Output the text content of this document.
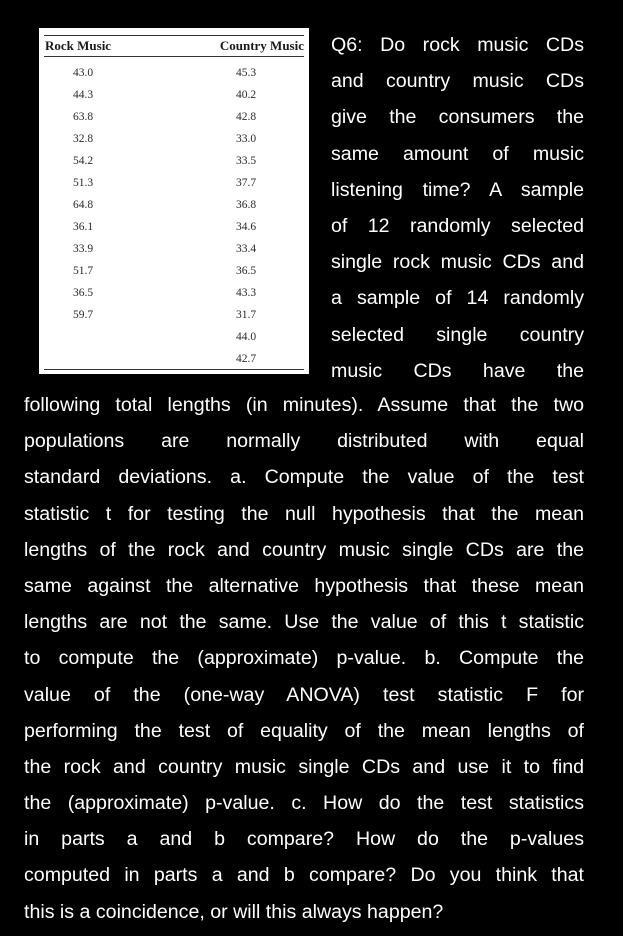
Rock Music	Country Music
43.0
44.3
63.8
32.8
54.2
51.3
64.8
36.1
33.9
51.7
36.5
59.7
45.3
40.2
42.8
33.0
33.5
37.7
36.8
34.6
33.4
36.5
43.3
31.7
44.0
42.7
Q6: Do rock music CDs
and country music CDs
give the consumers the
same amount of music
listening time? A sample
of 12 randomly selected
single rock music CDs and
a sample of 14 randomly
selected single country
music CDs have the
following total lengths (in minutes). Assume that the two
populations are normally distributed with equal
standard deviations. a. Compute the value of the test
statistic t for testing the null hypothesis that the mean
lengths of the rock and country music single CDs are the
same against the alternative hypothesis that these mean
lengths are not the same. Use the value of this t statistic
to compute the (approximate) p-value. b. Compute the
value of the (one-way ANOVA) test statistic F for
performing the test of equality of the mean lengths of
the rock and country music single CDs and use it to find
the (approximate) p-value. c. How do the test statistics
in parts a and b compare? How do the p-values
computed in parts a and b compare? Do you think that
this is a coincidence, or will this always happen?
